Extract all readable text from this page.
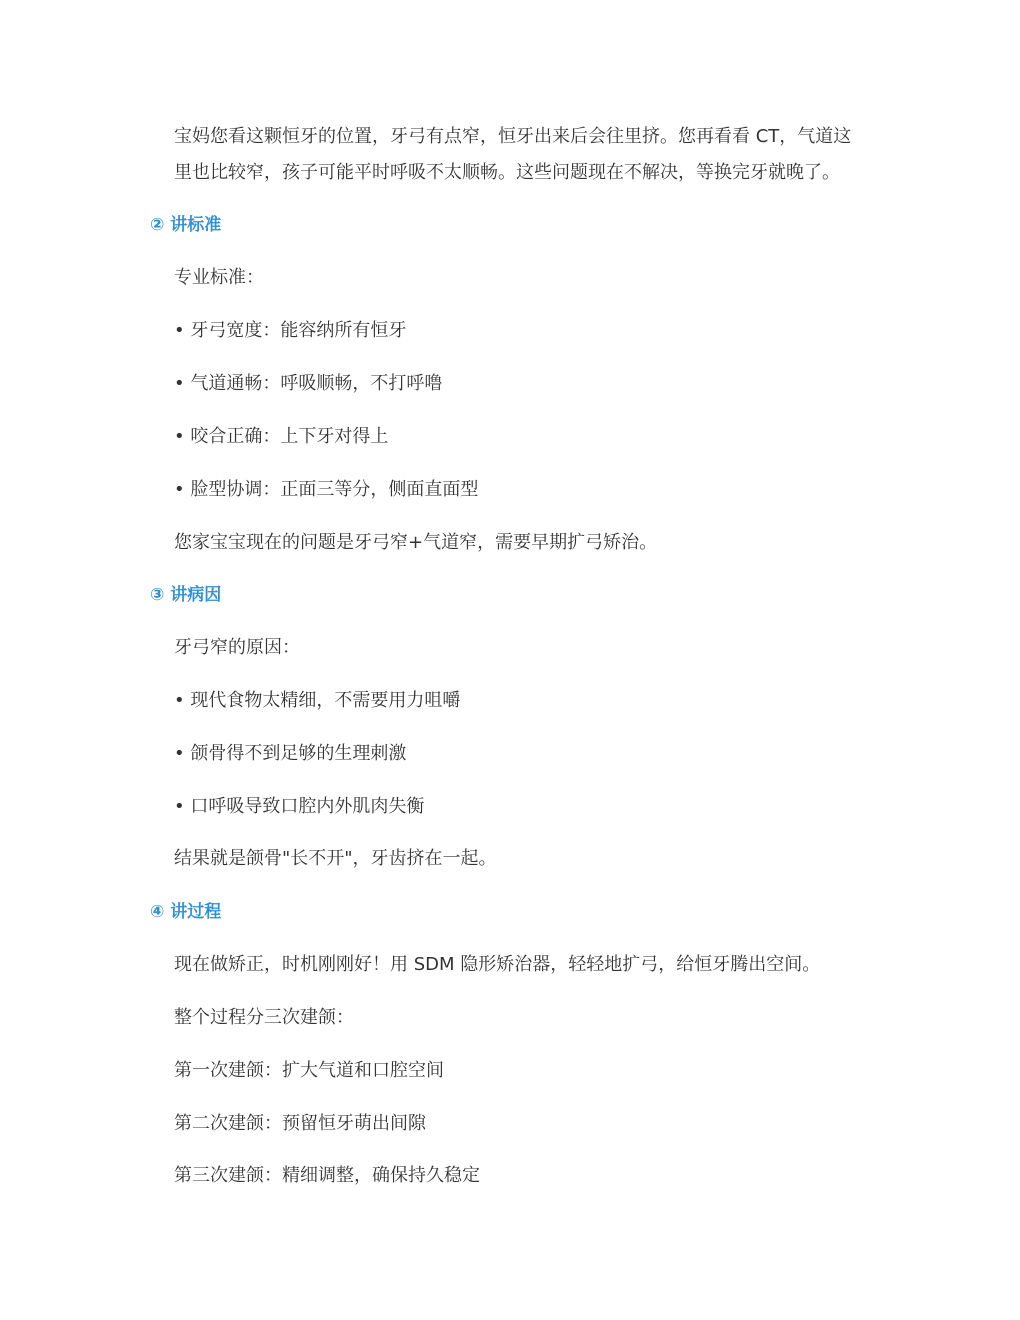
宝妈您看这颗恒牙的位置，牙弓有点窄，恒牙出来后会往里挤。您再看看 CT，气道这
里也比较窄，孩子可能平时呼吸不太顺畅。这些问题现在不解决，等换完牙就晚了。
② 讲标准
专业标准：
• 牙弓宽度：能容纳所有恒牙
• 气道通畅：呼吸顺畅，不打呼噜
• 咬合正确：上下牙对得上
• 脸型协调：正面三等分，侧面直面型
您家宝宝现在的问题是牙弓窄+气道窄，需要早期扩弓矫治。
③ 讲病因
牙弓窄的原因：
• 现代食物太精细，不需要用力咀嚼
• 颌骨得不到足够的生理刺激
• 口呼吸导致口腔内外肌肉失衡
结果就是颌骨"长不开"，牙齿挤在一起。
④ 讲过程
现在做矫正，时机刚刚好！用 SDM 隐形矫治器，轻轻地扩弓，给恒牙腾出空间。
整个过程分三次建颌：
第一次建颌：扩大气道和口腔空间
第二次建颌：预留恒牙萌出间隙
第三次建颌：精细调整，确保持久稳定
